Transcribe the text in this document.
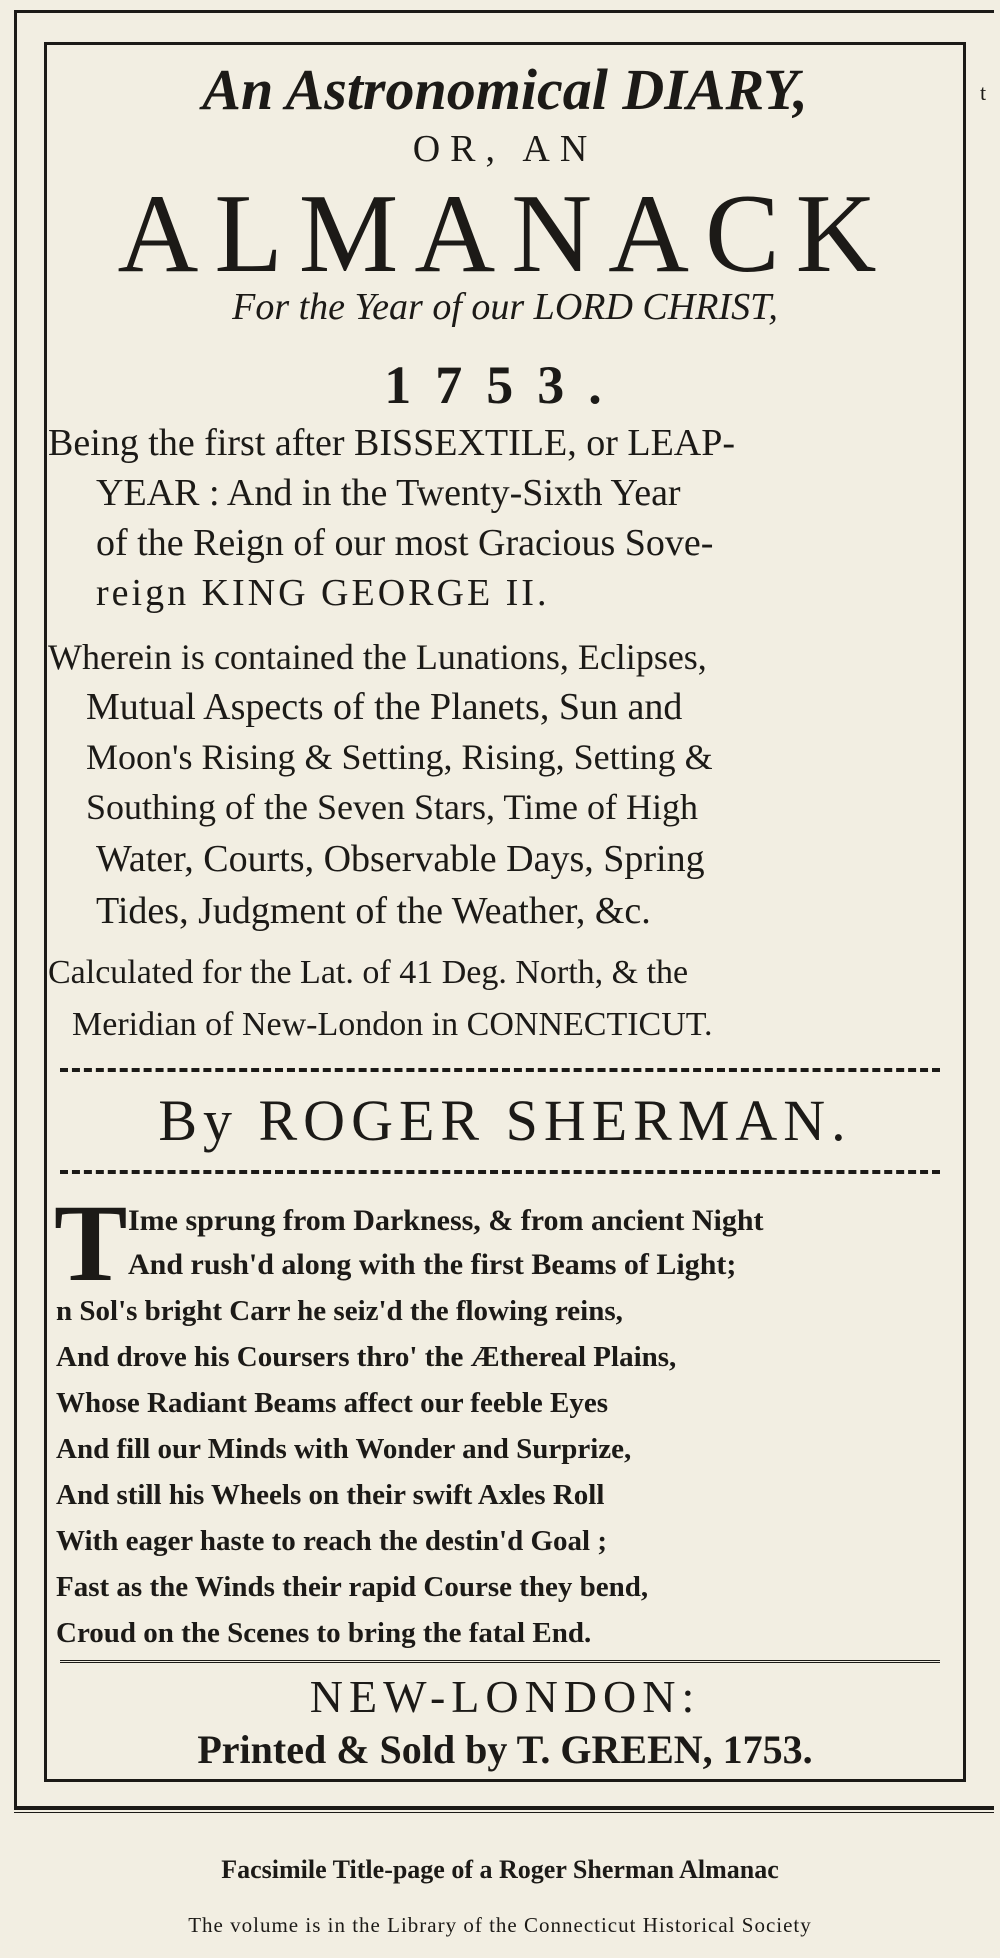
t
An Astronomical DIARY,
OR, AN
ALMANACK
For the Year of our LORD CHRIST,
1753.
Being the first after BISSEXTILE, or LEAP-
YEAR : And in the Twenty-Sixth Year
of the Reign of our most Gracious Sove-
reign KING GEORGE II.
Wherein is contained the Lunations, Eclipses,
Mutual Aspects of the Planets, Sun and
Moon's Rising & Setting, Rising, Setting &
Southing of the Seven Stars, Time of High
Water, Courts, Observable Days, Spring
Tides, Judgment of the Weather, &c.
Calculated for the Lat. of 41 Deg. North, & the
Meridian of New-London in CONNECTICUT.
By ROGER SHERMAN.
T Ime sprung from Darkness, & from ancient Night
And rush'd along with the first Beams of Light;
n Sol's bright Carr he seiz'd the flowing reins,
And drove his Coursers thro' the Æthereal Plains,
Whose Radiant Beams affect our feeble Eyes
And fill our Minds with Wonder and Surprize,
And still his Wheels on their swift Axles Roll
With eager haste to reach the destin'd Goal ;
Fast as the Winds their rapid Course they bend,
Croud on the Scenes to bring the fatal End.
NEW-LONDON:
Printed & Sold by T. GREEN, 1753.
Facsimile Title-page of a Roger Sherman Almanac
The volume is in the Library of the Connecticut Historical Society
